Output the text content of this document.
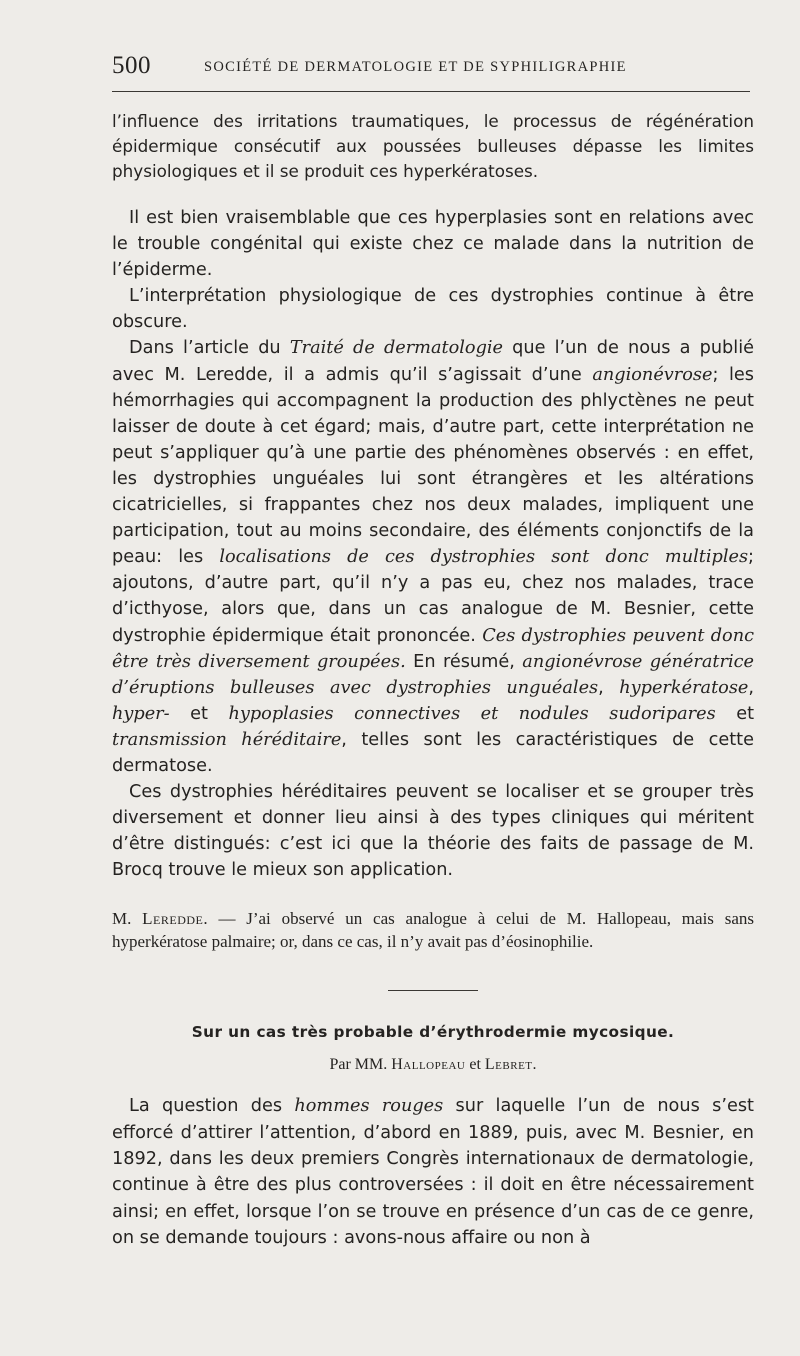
500	SOCIÉTÉ DE DERMATOLOGIE ET DE SYPHILIGRAPHIE

l’influence des irritations traumatiques, le processus de régénération épidermique consécutif aux poussées bulleuses dépasse les limites physiologiques et il se produit ces hyperkératoses.

Il est bien vraisemblable que ces hyperplasies sont en relations avec le trouble congénital qui existe chez ce malade dans la nutrition de l’épiderme.

L’interprétation physiologique de ces dystrophies continue à être obscure.

Dans l’article du Traité de dermatologie que l’un de nous a publié avec M. Leredde, il a admis qu’il s’agissait d’une angionévrose; les hémorrhagies qui accompagnent la production des phlyctènes ne peut laisser de doute à cet égard; mais, d’autre part, cette interprétation ne peut s’appliquer qu’à une partie des phénomènes observés : en effet, les dystrophies unguéales lui sont étrangères et les altérations cicatricielles, si frappantes chez nos deux malades, impliquent une participation, tout au moins secondaire, des éléments conjonctifs de la peau: les localisations de ces dystrophies sont donc multiples; ajoutons, d’autre part, qu’il n’y a pas eu, chez nos malades, trace d’icthyose, alors que, dans un cas analogue de M. Besnier, cette dystrophie épidermique était prononcée. Ces dystrophies peuvent donc être très diversement groupées. En résumé, angionévrose génératrice d’éruptions bulleuses avec dystrophies unguéales, hyperkératose, hyper- et hypoplasies connectives et nodules sudoripares et transmission héréditaire, telles sont les caractéristiques de cette dermatose.

Ces dystrophies héréditaires peuvent se localiser et se grouper très diversement et donner lieu ainsi à des types cliniques qui méritent d’être distingués: c’est ici que la théorie des faits de passage de M. Brocq trouve le mieux son application.

M. Leredde. — J’ai observé un cas analogue à celui de M. Hallopeau, mais sans hyperkératose palmaire; or, dans ce cas, il n’y avait pas d’éosinophilie.

Sur un cas très probable d’érythrodermie mycosique.

Par MM. Hallopeau et Lebret.

La question des hommes rouges sur laquelle l’un de nous s’est efforcé d’attirer l’attention, d’abord en 1889, puis, avec M. Besnier, en 1892, dans les deux premiers Congrès internationaux de dermatologie, continue à être des plus controversées : il doit en être nécessairement ainsi; en effet, lorsque l’on se trouve en présence d’un cas de ce genre, on se demande toujours : avons-nous affaire ou non à
